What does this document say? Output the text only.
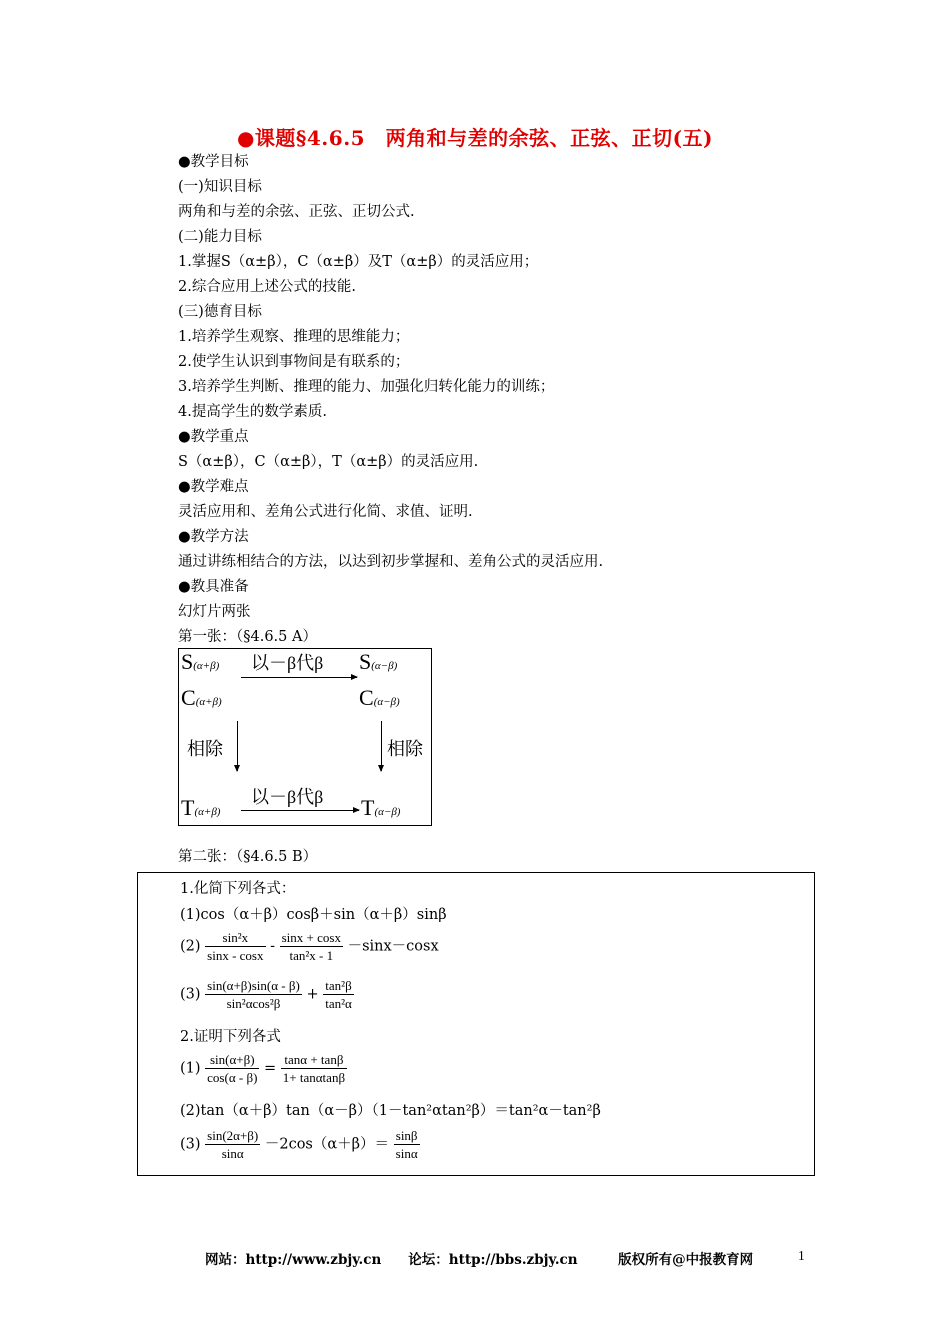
●课题§4.6.5　两角和与差的余弦、正弦、正切(五)
●教学目标
(一)知识目标
两角和与差的余弦、正弦、正切公式.
(二)能力目标
1.掌握S（α±β），C（α±β）及T（α±β）的灵活应用；
2.综合应用上述公式的技能.
(三)德育目标
1.培养学生观察、推理的思维能力；
2.使学生认识到事物间是有联系的；
3.培养学生判断、推理的能力、加强化归转化能力的训练；
4.提高学生的数学素质.
●教学重点
S（α±β），C（α±β），T（α±β）的灵活应用.
●教学难点
灵活应用和、差角公式进行化简、求值、证明.
●教学方法
通过讲练相结合的方法，以达到初步掌握和、差角公式的灵活应用.
●教具准备
幻灯片两张
第一张：（§4.6.5 A）
S(α+β) 以－β代β S(α−β)
C(α+β)	C(α−β)
相除	相除
以－β代β
T(α+β)	T(α−β)
第二张：（§4.6.5 B）
1.化简下列各式：
(1)cos（α＋β）cosβ＋sin（α＋β）sinβ
$(2) \frac{\text{sin²x}}{\sin x - \cos x} - \frac{\sin x + \cos x}{\text{tan²x - 1}} -\sin x-\cos x$
$(3) \frac{\sin(\alpha+\beta)\sin(\alpha - \beta)}{\text{sin²αcos²β}} + \frac{\text{tan²β}}{\text{tan²α}}$
2.证明下列各式
$(1) \frac{\sin(\alpha+\beta)}{\cos(\alpha - \beta)} = \frac{\tan\alpha + \tan\beta}{1+ \tan\alpha\tan\beta}$
(2)tan（α＋β）tan（α－β）（1－tan²αtan²β）＝tan²α－tan²β
$(3) \frac{\sin(2\alpha+\beta)}{\sin\alpha} -2\cos(\alpha+\beta)= \frac{\sin\beta}{\sin\alpha}$
网站：http://www.zbjy.cn　　论坛：http://bbs.zbjy.cn　　　版权所有@中报教育网	1
